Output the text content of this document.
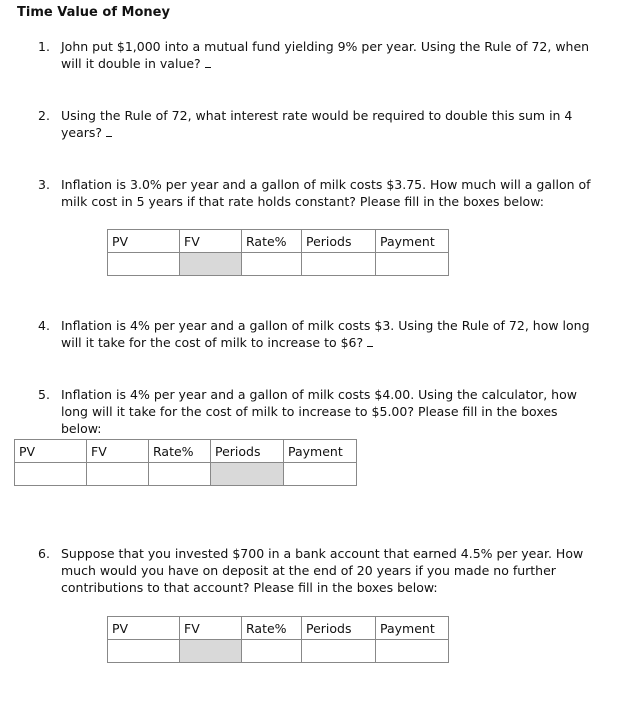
Time Value of Money
1. John put $1,000 into a mutual fund yielding 9% per year. Using the Rule of 72, when will it double in value?
2. Using the Rule of 72, what interest rate would be required to double this sum in 4 years?
3. Inflation is 3.0% per year and a gallon of milk costs $3.75. How much will a gallon of milk cost in 5 years if that rate holds constant? Please fill in the boxes below:
PV	FV	Rate%	Periods	Payment

4. Inflation is 4% per year and a gallon of milk costs $3. Using the Rule of 72, how long will it take for the cost of milk to increase to $6?
5. Inflation is 4% per year and a gallon of milk costs $4.00. Using the calculator, how long will it take for the cost of milk to increase to $5.00? Please fill in the boxes below:
PV	FV	Rate%	Periods	Payment

6. Suppose that you invested $700 in a bank account that earned 4.5% per year. How much would you have on deposit at the end of 20 years if you made no further contributions to that account? Please fill in the boxes below:
PV	FV	Rate%	Periods	Payment
